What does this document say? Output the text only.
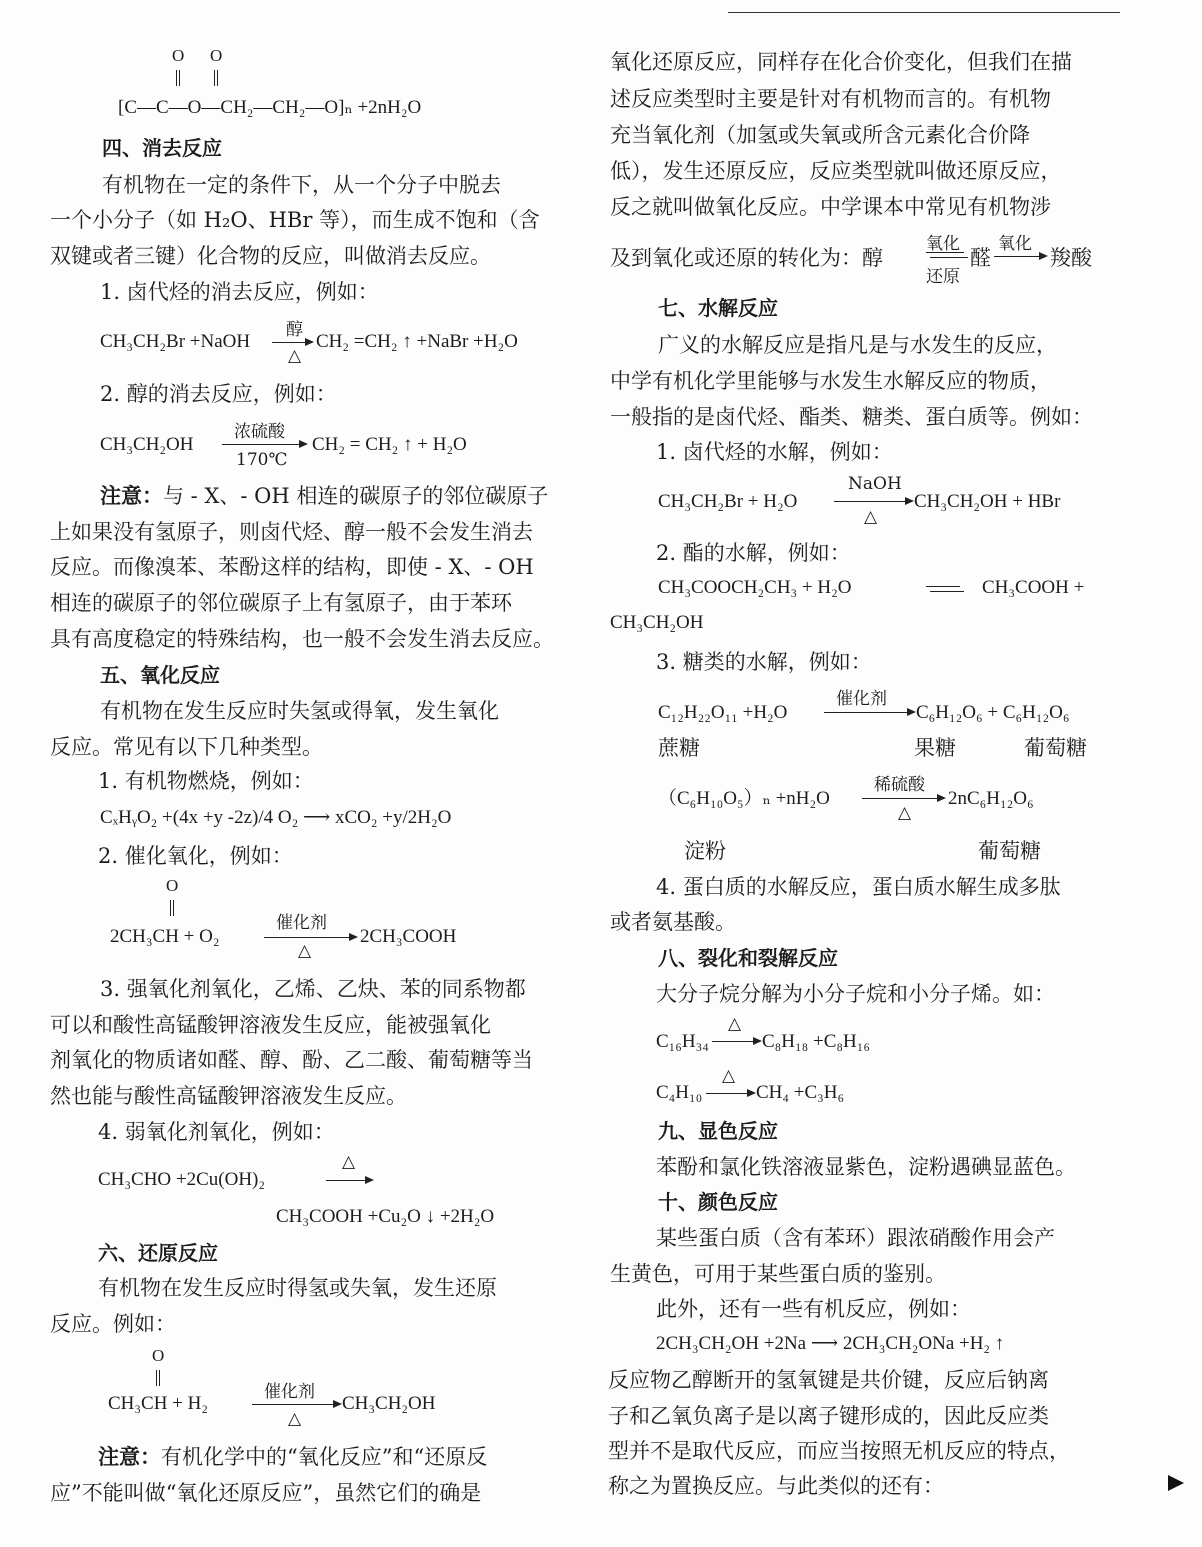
O O
[C—C—O—CH₂—CH₂—O]ₙ +2nH₂O
四、消去反应
有机物在一定的条件下，从一个分子中脱去
一个小分子（如 H₂O、HBr 等），而生成不饱和（含
双键或者三键）化合物的反应，叫做消去反应。
1. 卤代烃的消去反应，例如：
醇
CH₃CH₂Br +NaOH →
△
CH₂ =CH₂ ↑ +NaBr +H₂O
2. 醇的消去反应，例如：
浓硫酸
CH₃CH₂OH
170℃
CH₂ = CH₂ ↑ + H₂O
注意：与 - X、- OH 相连的碳原子的邻位碳原子
上如果没有氢原子，则卤代烃、醇一般不会发生消去
反应。而像溴苯、苯酚这样的结构，即使 - X、- OH
相连的碳原子的邻位碳原子上有氢原子，由于苯环
具有高度稳定的特殊结构，也一般不会发生消去反应。
五、氧化反应
有机物在发生反应时失氢或得氧，发生氧化
反应。常见有以下几种类型。
1. 有机物燃烧，例如：
CₓHᵧO₂ +(4x +y -2z)/4 O₂ ⟶ xCO₂ +y/2H₂O
2. 催化氧化，例如：
O
催化剂
2CH₃CH + O₂
△
2CH₃COOH
3. 强氧化剂氧化，乙烯、乙炔、苯的同系物都
可以和酸性高锰酸钾溶液发生反应，能被强氧化
剂氧化的物质诸如醛、醇、酚、乙二酸、葡萄糖等当
然也能与酸性高锰酸钾溶液发生反应。
4. 弱氧化剂氧化，例如：
△
CH₃CHO +2Cu(OH)₂
CH₃COOH +Cu₂O ↓ +2H₂O
六、还原反应
有机物在发生反应时得氢或失氧，发生还原
反应。例如：
O
催化剂
CH₃CH + H₂
△
CH₃CH₂OH
注意：有机化学中的“氧化反应”和“还原反
应”不能叫做“氧化还原反应”，虽然它们的确是
氧化还原反应，同样存在化合价变化，但我们在描
述反应类型时主要是针对有机物而言的。有机物
充当氧化剂（加氢或失氧或所含元素化合价降
低），发生还原反应，反应类型就叫做还原反应，
反之就叫做氧化反应。中学课本中常见有机物涉
及到氧化或还原的转化为：醇
氧化
还原
醛
氧化
→ 羧酸
七、水解反应
广义的水解反应是指凡是与水发生的反应，
中学有机化学里能够与水发生水解反应的物质，
一般指的是卤代烃、酯类、糖类、蛋白质等。例如：
1. 卤代烃的水解，例如：
NaOH
CH₃CH₂Br + H₂O
△
CH₃CH₂OH + HBr
2. 酯的水解，例如：
CH₃COOCH₂CH₃ + H₂O	CH₃COOH +
CH₃CH₂OH
3. 糖类的水解，例如：
催化剂
C₁₂H₂₂O₁₁ +H₂O	C₆H₁₂O₆ + C₆H₁₂O₆
蔗糖	果糖	葡萄糖
稀硫酸
（C₆H₁₀O₅）ₙ +nH₂O
△
2nC₆H₁₂O₆
淀粉	葡萄糖
4. 蛋白质的水解反应，蛋白质水解生成多肽
或者氨基酸。
八、裂化和裂解反应
大分子烷分解为小分子烷和小分子烯。如：
△
C₁₆H₃₄ → C₈H₁₈ +C₈H₁₆
△
C₄H₁₀ → CH₄ +C₃H₆
九、显色反应
苯酚和氯化铁溶液显紫色，淀粉遇碘显蓝色。
十、颜色反应
某些蛋白质（含有苯环）跟浓硝酸作用会产
生黄色，可用于某些蛋白质的鉴别。
此外，还有一些有机反应，例如：
2CH₃CH₂OH +2Na ⟶ 2CH₃CH₂ONa +H₂ ↑
反应物乙醇断开的氢氧键是共价键，反应后钠离
子和乙氧负离子是以离子键形成的，因此反应类
型并不是取代反应，而应当按照无机反应的特点，
称之为置换反应。与此类似的还有：
